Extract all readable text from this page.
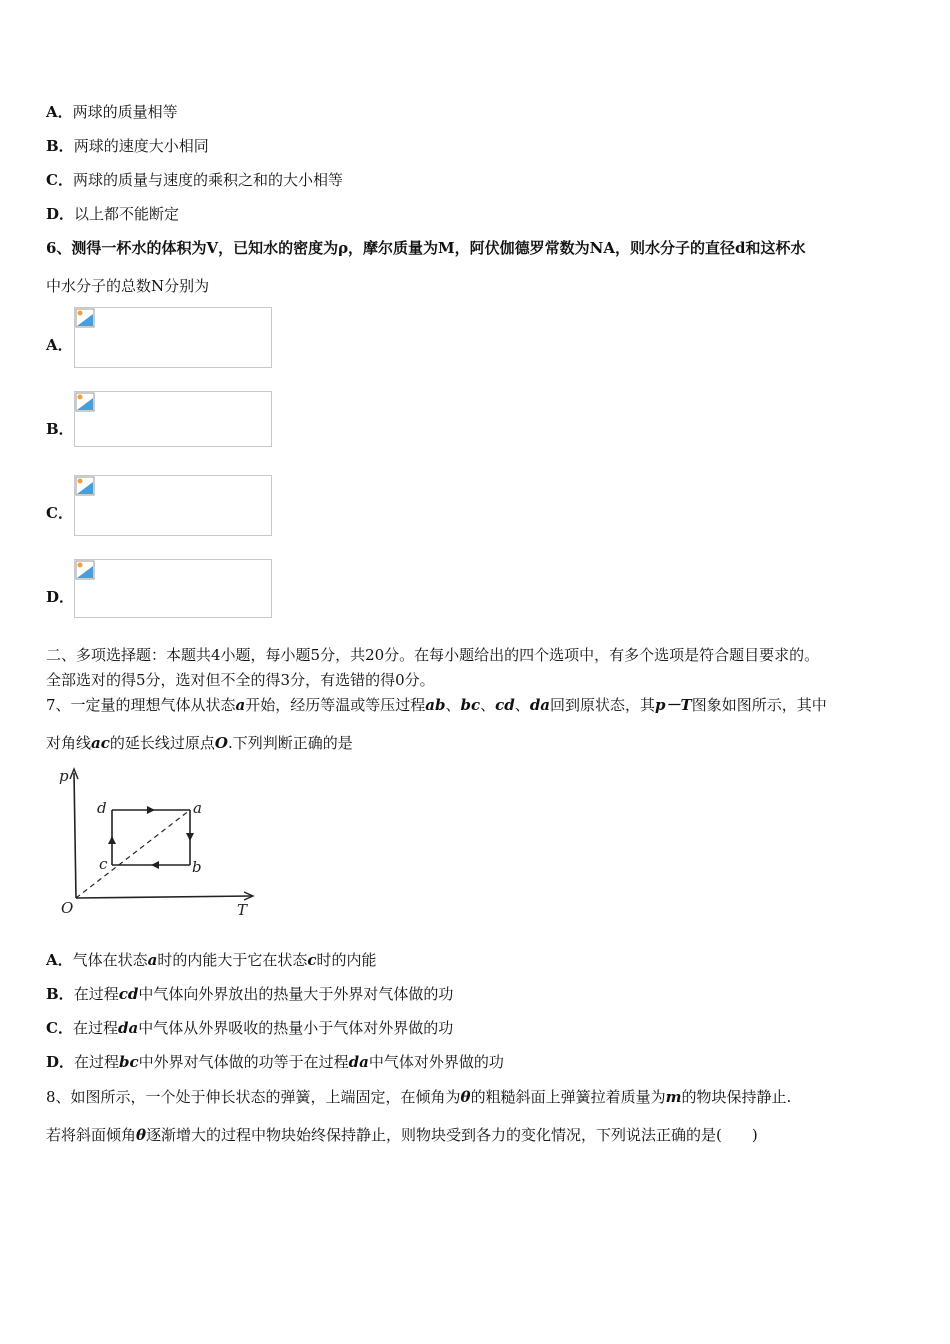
A．两球的质量相等
B．两球的速度大小相同
C．两球的质量与速度的乘积之和的大小相等
D．以上都不能断定
6、测得一杯水的体积为V，已知水的密度为ρ，摩尔质量为M，阿伏伽德罗常数为NA，则水分子的直径d和这杯水
中水分子的总数N分别为
A．
B．
C．
D．
二、多项选择题：本题共4小题，每小题5分，共20分。在每小题给出的四个选项中，有多个选项是符合题目要求的。
全部选对的得5分，选对但不全的得3分，有选错的得0分。
7、一定量的理想气体从状态a开始，经历等温或等压过程ab、bc、cd、da回到原状态，其p－T图象如图所示，其中
对角线ac的延长线过原点O.下列判断正确的是
p
T
O
a
b
c
d
A．气体在状态a时的内能大于它在状态c时的内能
B．在过程cd中气体向外界放出的热量大于外界对气体做的功
C．在过程da中气体从外界吸收的热量小于气体对外界做的功
D．在过程bc中外界对气体做的功等于在过程da中气体对外界做的功
8、如图所示，一个处于伸长状态的弹簧，上端固定，在倾角为θ的粗糙斜面上弹簧拉着质量为m的物块保持静止.
若将斜面倾角θ逐渐增大的过程中物块始终保持静止，则物块受到各力的变化情况，下列说法正确的是(　　)
